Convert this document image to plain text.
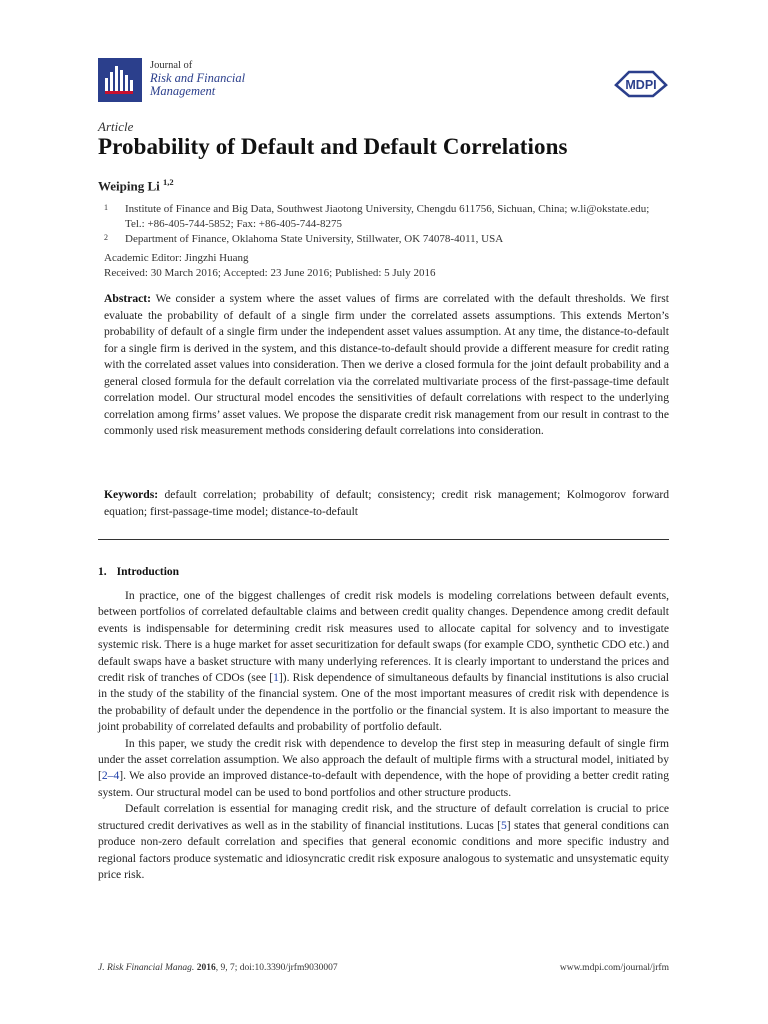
Journal of
Risk and Financial
Management	MDPI
Article
Probability of Default and Default Correlations
Weiping Li $^{1,2}$
1 Institute of Finance and Big Data, Southwest Jiaotong University, Chengdu 611756, Sichuan, China; w.li@okstate.edu; Tel.: +86-405-744-5852; Fax: +86-405-744-8275
2 Department of Finance, Oklahoma State University, Stillwater, OK 74078-4011, USA
Academic Editor: Jingzhi Huang
Received: 30 March 2016; Accepted: 23 June 2016; Published: 5 July 2016
Abstract: We consider a system where the asset values of firms are correlated with the default thresholds. We first evaluate the probability of default of a single firm under the correlated assets assumptions. This extends Merton’s probability of default of a single firm under the independent asset values assumption. At any time, the distance-to-default for a single firm is derived in the system, and this distance-to-default should provide a different measure for credit rating with the correlated asset values into consideration. Then we derive a closed formula for the joint default probability and a general closed formula for the default correlation via the correlated multivariate process of the first-passage-time default correlation model. Our structural model encodes the sensitivities of default correlations with respect to the underlying correlation among firms’ asset values. We propose the disparate credit risk management from our result in contrast to the commonly used risk measurement methods considering default correlations into consideration.
Keywords: default correlation; probability of default; consistency; credit risk management; Kolmogorov forward equation; first-passage-time model; distance-to-default
1. Introduction

In practice, one of the biggest challenges of credit risk models is modeling correlations between default events, between portfolios of correlated defaultable claims and between credit quality changes. Dependence among credit default events is indispensable for determining credit risk measures used to allocate capital for solvency and to investigate systemic risk. There is a huge market for asset securitization for default swaps (for example CDO, synthetic CDO etc.) and default swaps have a basket structure with many underlying references. It is clearly important to understand the prices and credit risk of tranches of CDOs (see [1]). Risk dependence of simultaneous defaults by financial institutions is also crucial in the study of the stability of the financial system. One of the most important measures of credit risk with dependence is the probability of default under the dependence in the portfolio or the financial system. It is also important to measure the joint probability of correlated defaults and probability of portfolio default.

In this paper, we study the credit risk with dependence to develop the first step in measuring default of single firm under the asset correlation assumption. We also approach the default of multiple firms with a structural model, initiated by [2–4]. We also provide an improved distance-to-default with dependence, with the hope of providing a better credit rating system. Our structural model can be used to bond portfolios and other structure products.

Default correlation is essential for managing credit risk, and the structure of default correlation is crucial to price structured credit derivatives as well as in the stability of financial institutions. Lucas [5] states that general conditions can produce non-zero default correlation and specifies that general economic conditions and more specific industry and regional factors produce systematic and idiosyncratic credit risk exposure analogous to systematic and unsystematic equity price risk.

J. Risk Financial Manag. 2016, 9, 7; doi:10.3390/jrfm9030007	www.mdpi.com/journal/jrfm
